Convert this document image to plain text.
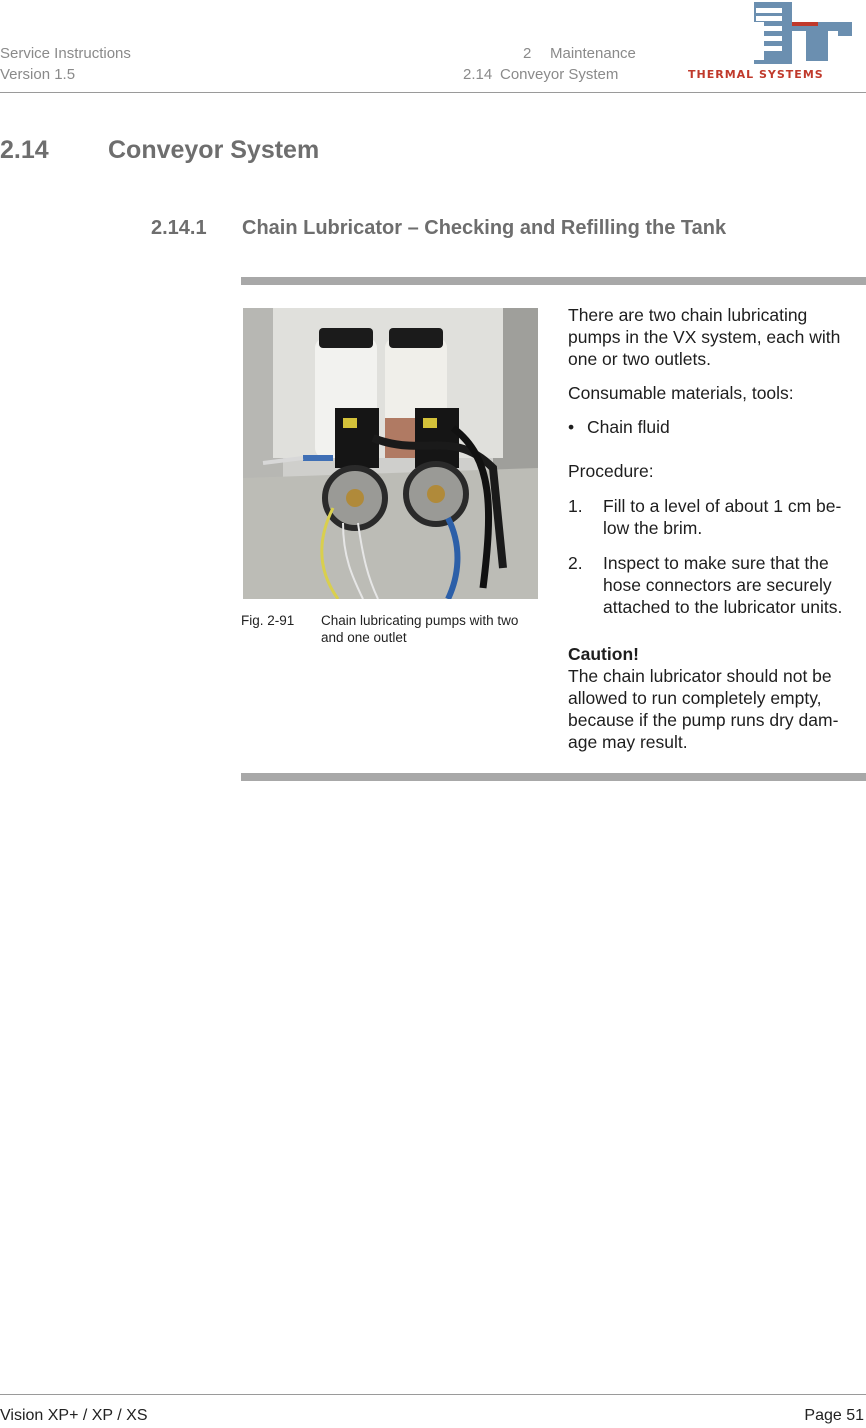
Service Instructions
Version 1.5
2 Maintenance
2.14 Conveyor System	THERMAL SYSTEMS
2.14 Conveyor System
2.14.1 Chain Lubricator – Checking and Refilling the Tank
Fig. 2-91 Chain lubricating pumps with two
and one outlet
There are two chain lubricating
pumps in the VX system, each with
one or two outlets.
Consumable materials, tools:
• Chain fluid
Procedure:
1. Fill to a level of about 1 cm be-
low the brim.
2. Inspect to make sure that the
hose connectors are securely
attached to the lubricator units.
Caution!
The chain lubricator should not be
allowed to run completely empty,
because if the pump runs dry dam-
age may result.
Vision XP+ / XP / XS	Page 51
